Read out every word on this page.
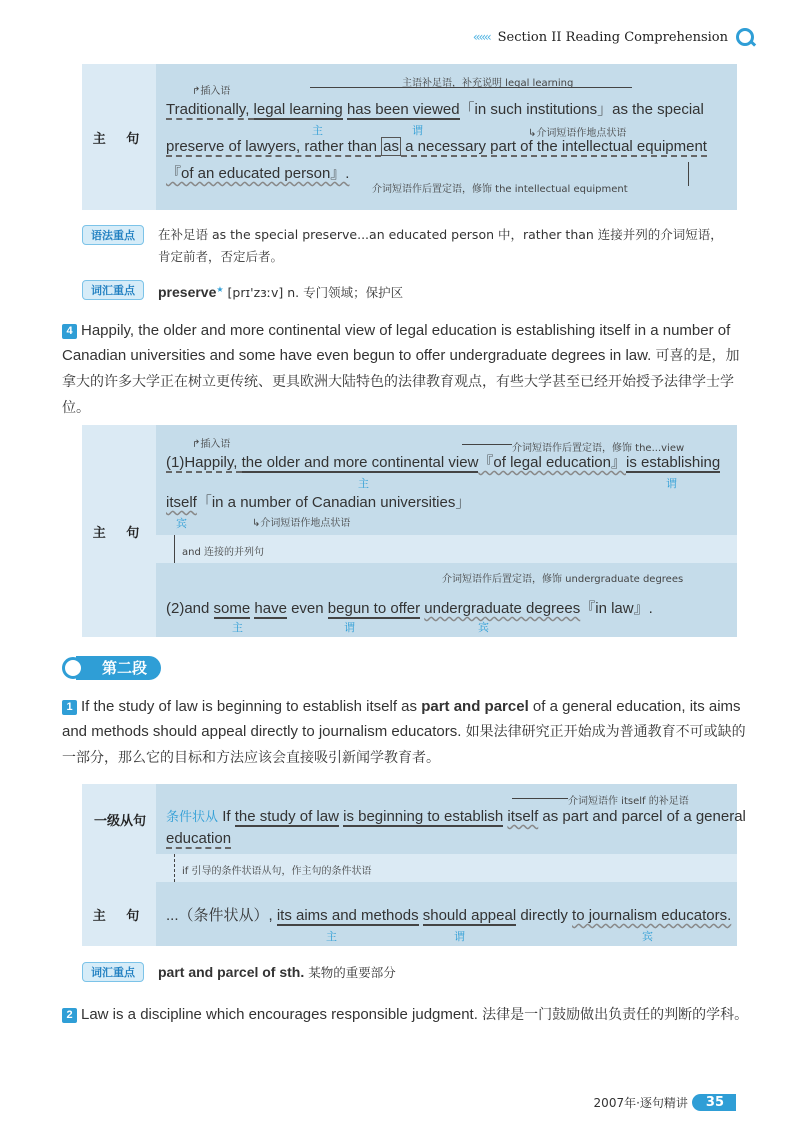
‹‹‹‹‹‹ Section II Reading Comprehension
主 句
↱插入语
主语补足语，补充说明 legal learning
Traditionally, legal learning has been viewed「in such institutions」as the special
主	谓	↳介词短语作地点状语
preserve of lawyers, rather than as a necessary part of the intellectual equipment
『of an educated person』.
介词短语作后置定语，修饰 the intellectual equipment
语法重点	在补足语 as the special preserve...an educated person 中，rather than 连接并列的介词短语，
肯定前者，否定后者。
词汇重点	preserve★ [prɪ'zɜːv] n. 专门领域；保护区
4 Happily, the older and more continental view of legal education is establishing itself in a number of Canadian universities and some have even begun to offer undergraduate degrees in law. 可喜的是，加拿大的许多大学正在树立更传统、更具欧洲大陆特色的法律教育观点，有些大学甚至已经开始授予法律学士学位。
主 句
↱插入语	介词短语作后置定语，修饰 the...view
(1)Happily, the older and more continental view『of legal education』is establishing
主	谓
itself「in a number of Canadian universities」
宾	↳介词短语作地点状语
and 连接的并列句
介词短语作后置定语，修饰 undergraduate degrees
(2)and some have even begun to offer undergraduate degrees『in law』.
主	谓	宾
第二段
1 If the study of law is beginning to establish itself as part and parcel of a general education, its aims and methods should appeal directly to journalism educators. 如果法律研究正开始成为普通教育不可或缺的一部分，那么它的目标和方法应该会直接吸引新闻学教育者。
一级从句
介词短语作 itself 的补足语
条件状从 If the study of law is beginning to establish itself as part and parcel of a general
education
if 引导的条件状语从句，作主句的条件状语
主 句	...（条件状从）, its aims and methods should appeal directly to journalism educators.
主	谓	宾
词汇重点	part and parcel of sth. 某物的重要部分
2 Law is a discipline which encourages responsible judgment. 法律是一门鼓励做出负责任的判断的学科。
2007年·逐句精讲	35
